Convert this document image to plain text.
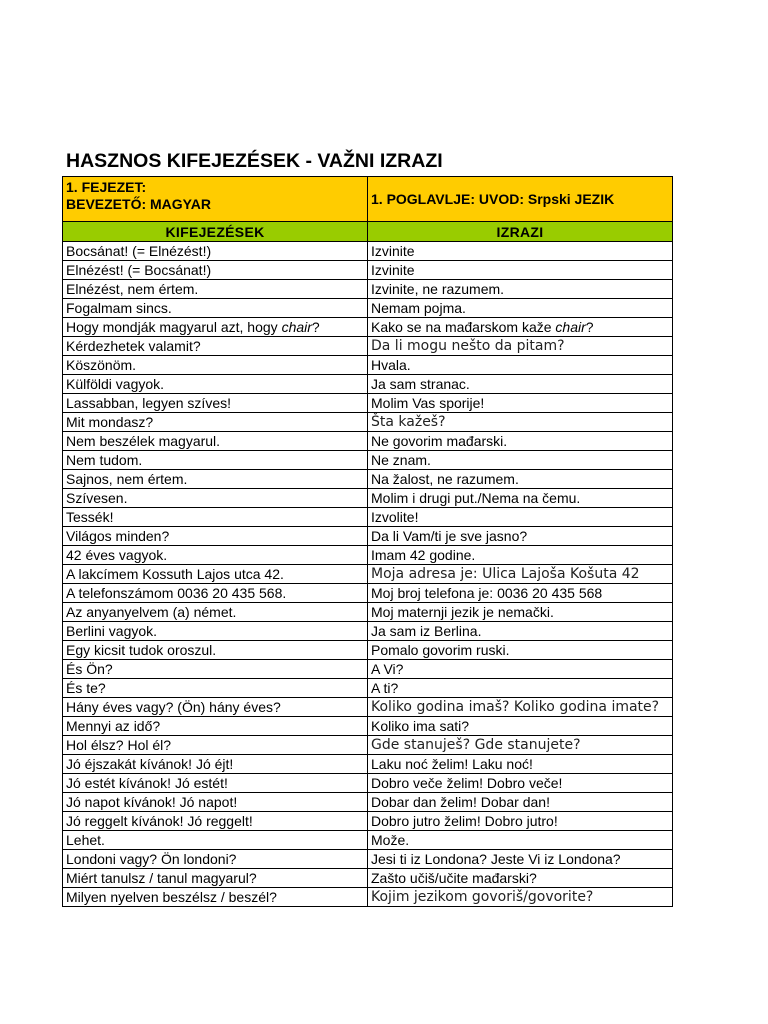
HASZNOS KIFEJEZÉSEK - VAŽNI IZRAZI
1. FEJEZET:
BEVEZETŐ: MAGYAR	1. POGLAVLJE: UVOD: Srpski JEZIK
KIFEJEZÉSEK	IZRAZI
Bocsánat! (= Elnézést!)	Izvinite
Elnézést! (= Bocsánat!)	Izvinite
Elnézést, nem értem.	Izvinite, ne razumem.
Fogalmam sincs.	Nemam pojma.
Hogy mondják magyarul azt, hogy chair?	Kako se na mađarskom kaže chair?
Kérdezhetek valamit?	Da li mogu nešto da pitam?
Köszönöm.	Hvala.
Külföldi vagyok.	Ja sam stranac.
Lassabban, legyen szíves!	Molim Vas sporije!
Mit mondasz?	Šta kažeš?
Nem beszélek magyarul.	Ne govorim mađarski.
Nem tudom.	Ne znam.
Sajnos, nem értem.	Na žalost, ne razumem.
Szívesen.	Molim i drugi put./Nema na čemu.
Tessék!	Izvolite!
Világos minden?	Da li Vam/ti je sve jasno?
42 éves vagyok.	Imam 42 godine.
A lakcímem Kossuth Lajos utca 42.	Moja adresa je: Ulica Lajoša Košuta 42
A telefonszámom 0036 20 435 568.	Moj broj telefona je: 0036 20 435 568
Az anyanyelvem (a) német.	Moj maternji jezik je nemački.
Berlini vagyok.	Ja sam iz Berlina.
Egy kicsit tudok oroszul.	Pomalo govorim ruski.
És Ön?	A Vi?
És te?	A ti?
Hány éves vagy? (Ön) hány éves?	Koliko godina imaš? Koliko godina imate?
Mennyi az idő?	Koliko ima sati?
Hol élsz? Hol él?	Gde stanuješ? Gde stanujete?
Jó éjszakát kívánok! Jó éjt!	Laku noć želim! Laku noć!
Jó estét kívánok! Jó estét!	Dobro veče želim! Dobro veče!
Jó napot kívánok! Jó napot!	Dobar dan želim! Dobar dan!
Jó reggelt kívánok! Jó reggelt!	Dobro jutro želim! Dobro jutro!
Lehet.	Može.
Londoni vagy? Ön londoni?	Jesi ti iz Londona? Jeste Vi iz Londona?
Miért tanulsz / tanul magyarul?	Zašto učiš/učite mađarski?
Milyen nyelven beszélsz / beszél?	Kojim jezikom govoriš/govorite?
